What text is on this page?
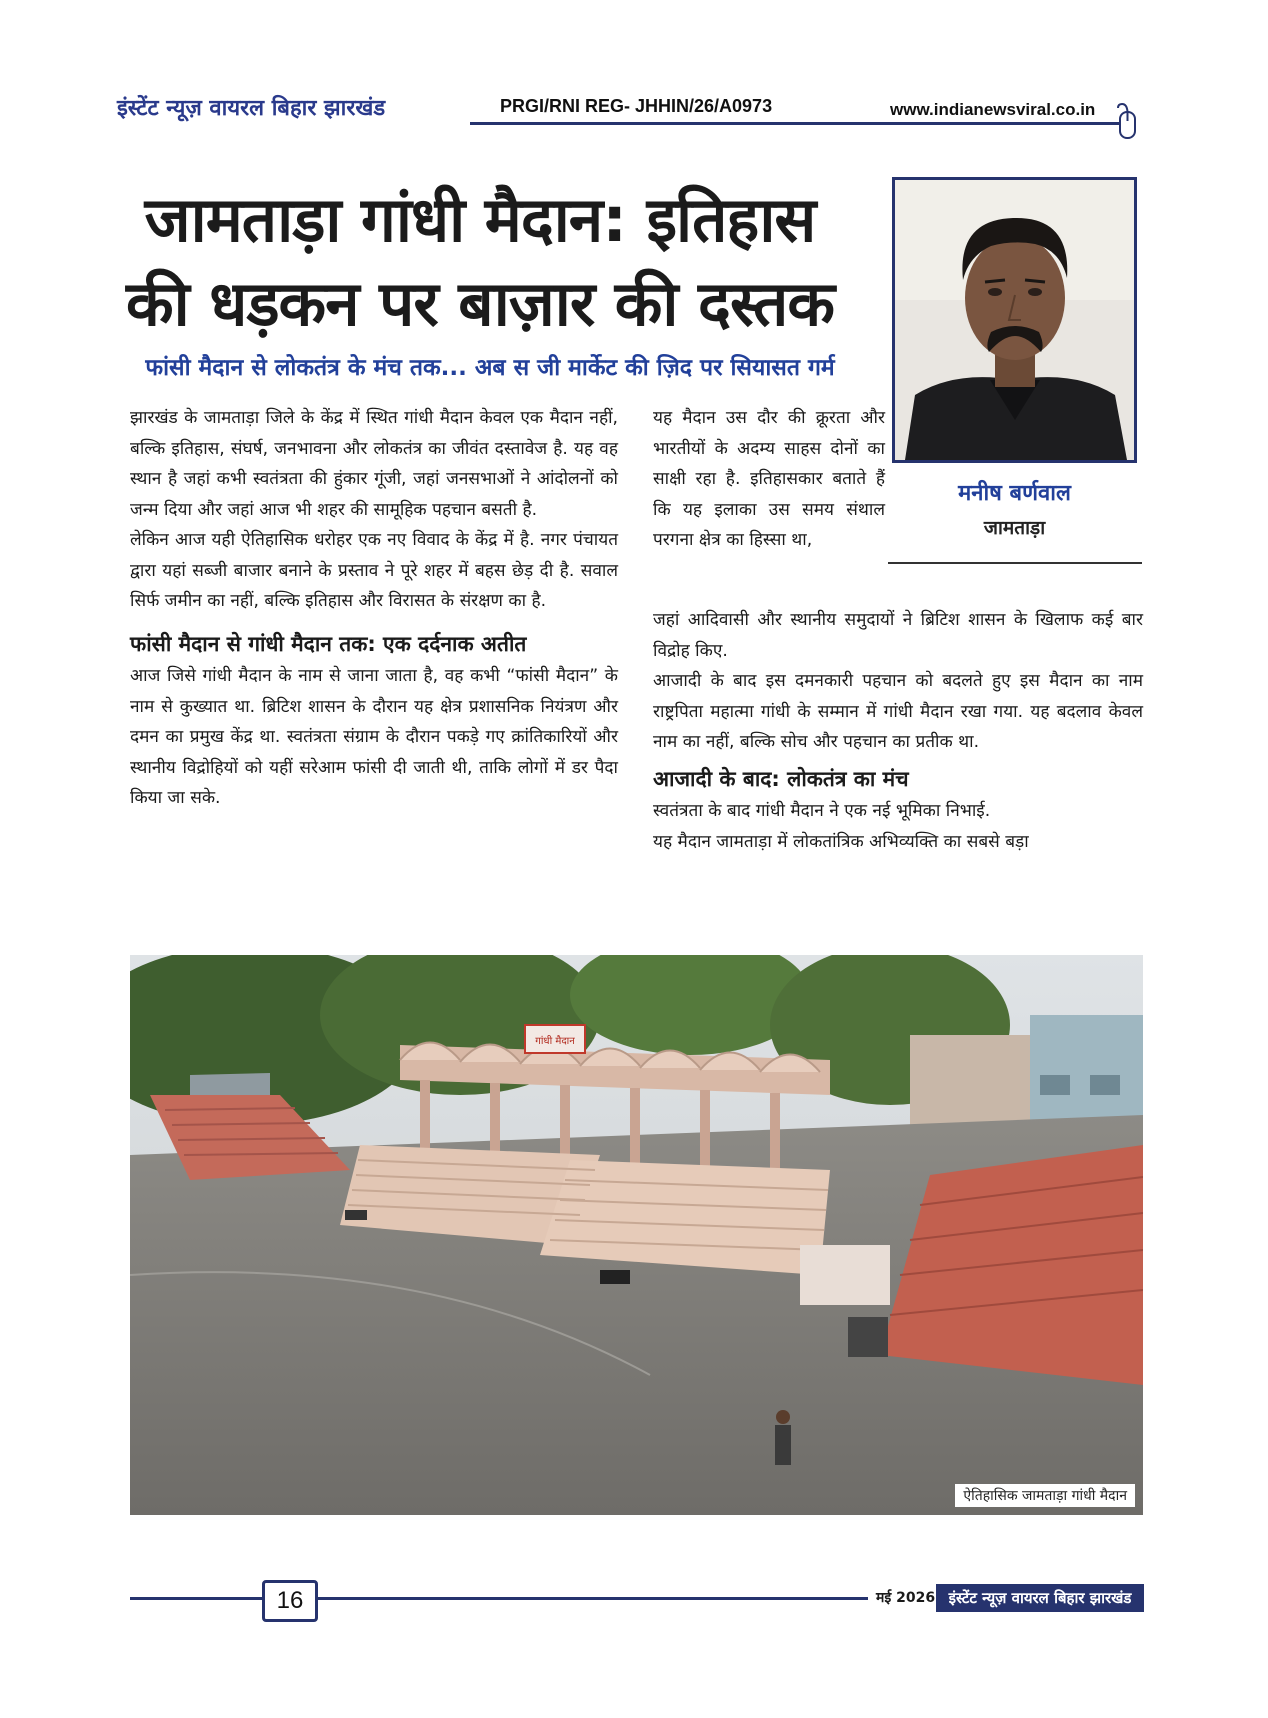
इंस्टेंट न्यूज़ वायरल बिहार झारखंड	PRGI/RNI REG- JHHIN/26/A0973	www.indianewsviral.co.in
जामताड़ा गांधी मैदान: इतिहास की धड़कन पर बाज़ार की दस्तक
फांसी मैदान से लोकतंत्र के मंच तक... अब स जी मार्केट की ज़िद पर सियासत गर्म
मनीष बर्णवाल
जामताड़ा

झारखंड के जामताड़ा जिले के केंद्र में स्थित गांधी मैदान केवल एक मैदान नहीं, बल्कि इतिहास, संघर्ष, जनभावना और लोकतंत्र का जीवंत दस्तावेज है. यह वह स्थान है जहां कभी स्वतंत्रता की हुंकार गूंजी, जहां जनसभाओं ने आंदोलनों को जन्म दिया और जहां आज भी शहर की सामूहिक पहचान बसती है.

लेकिन आज यही ऐतिहासिक धरोहर एक नए विवाद के केंद्र में है. नगर पंचायत द्वारा यहां सब्जी बाजार बनाने के प्रस्ताव ने पूरे शहर में बहस छेड़ दी है. सवाल सिर्फ जमीन का नहीं, बल्कि इतिहास और विरासत के संरक्षण का है.

फांसी मैदान से गांधी मैदान तक: एक दर्दनाक अतीत

आज जिसे गांधी मैदान के नाम से जाना जाता है, वह कभी “फांसी मैदान” के नाम से कुख्यात था. ब्रिटिश शासन के दौरान यह क्षेत्र प्रशासनिक नियंत्रण और दमन का प्रमुख केंद्र था. स्वतंत्रता संग्राम के दौरान पकड़े गए क्रांतिकारियों और स्थानीय विद्रोहियों को यहीं सरेआम फांसी दी जाती थी, ताकि लोगों में डर पैदा किया जा सके.

यह मैदान उस दौर की क्रूरता और भारतीयों के अदम्य साहस दोनों का साक्षी रहा है. इतिहासकार बताते हैं कि यह इलाका उस समय संथाल परगना क्षेत्र का हिस्सा था,

जहां आदिवासी और स्थानीय समुदायों ने ब्रिटिश शासन के खिलाफ कई बार विद्रोह किए.

आजादी के बाद इस दमनकारी पहचान को बदलते हुए इस मैदान का नाम राष्ट्रपिता महात्मा गांधी के सम्मान में गांधी मैदान रखा गया. यह बदलाव केवल नाम का नहीं, बल्कि सोच और पहचान का प्रतीक था.

आजादी के बाद: लोकतंत्र का मंच

स्वतंत्रता के बाद गांधी मैदान ने एक नई भूमिका निभाई.

यह मैदान जामताड़ा में लोकतांत्रिक अभिव्यक्ति का सबसे बड़ा

गांधी मैदान
ऐतिहासिक जामताड़ा गांधी मैदान
16	मई 2026 इंस्टेंट न्यूज़ वायरल बिहार झारखंड
